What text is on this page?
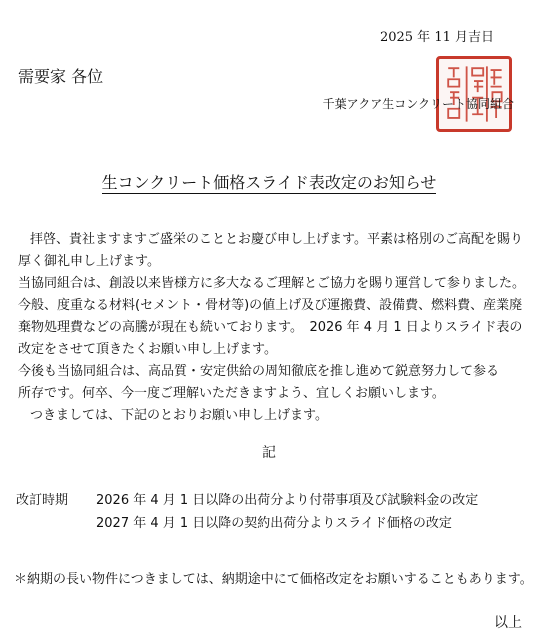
2025 年 11 月吉日
需要家 各位
千葉アクア生コンクリート協同組合
生コンクリート価格スライド表改定のお知らせ
拝啓、貴社ますますご盛栄のこととお慶び申し上げます。平素は格別のご高配を賜り
厚く御礼申し上げます。
当協同組合は、創設以来皆様方に多大なるご理解とご協力を賜り運営して参りました。
今般、度重なる材料(セメント・骨材等)の値上げ及び運搬費、設備費、燃料費、産業廃
棄物処理費などの高騰が現在も続いております。　2026 年 4 月 1 日よりスライド表の
改定をさせて頂きたくお願い申し上げます。
今後も当協同組合は、高品質・安定供給の周知徹底を推し進めて鋭意努力して参る
所存です。何卒、今一度ご理解いただきますよう、宜しくお願いします。
つきましては、下記のとおりお願い申し上げます。
記
改訂時期 2026 年 4 月 1 日以降の出荷分より付帯事項及び試験料金の改定
2027 年 4 月 1 日以降の契約出荷分よりスライド価格の改定
＊納期の長い物件につきましては、納期途中にて価格改定をお願いすることもあります。
以上
